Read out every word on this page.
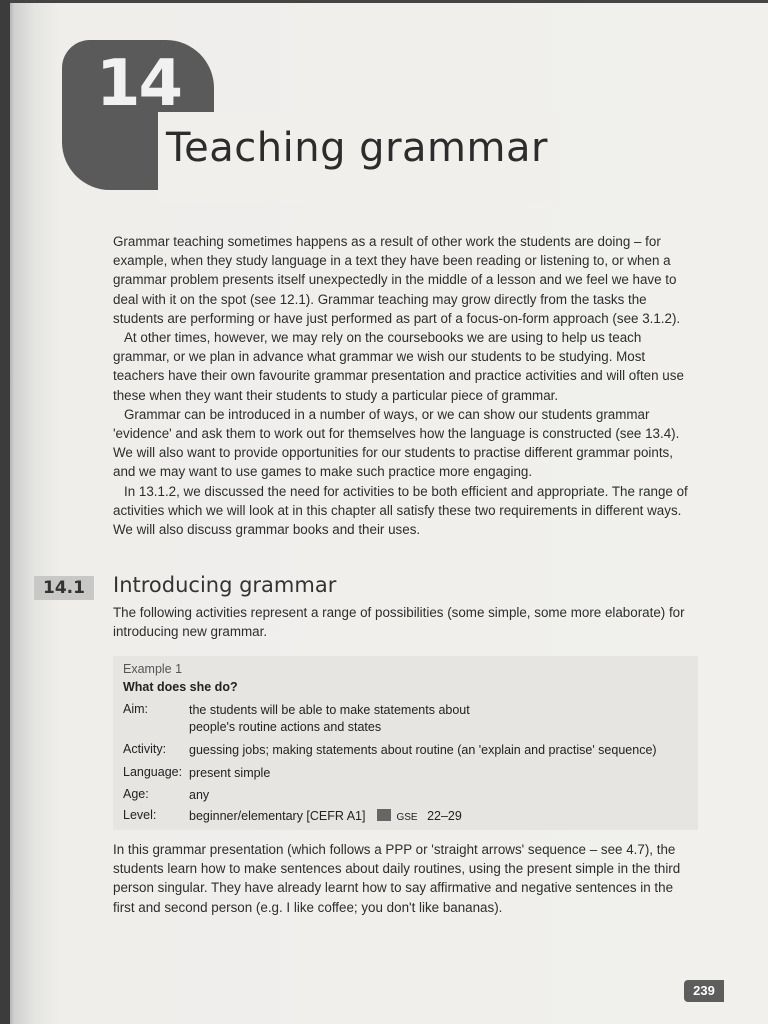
14
Teaching grammar

Grammar teaching sometimes happens as a result of other work the students are doing – for example, when they study language in a text they have been reading or listening to, or when a grammar problem presents itself unexpectedly in the middle of a lesson and we feel we have to deal with it on the spot (see 12.1). Grammar teaching may grow directly from the tasks the students are performing or have just performed as part of a focus-on-form approach (see 3.1.2).

At other times, however, we may rely on the coursebooks we are using to help us teach grammar, or we plan in advance what grammar we wish our students to be studying. Most teachers have their own favourite grammar presentation and practice activities and will often use these when they want their students to study a particular piece of grammar.

Grammar can be introduced in a number of ways, or we can show our students grammar 'evidence' and ask them to work out for themselves how the language is constructed (see 13.4). We will also want to provide opportunities for our students to practise different grammar points, and we may want to use games to make such practice more engaging.

In 13.1.2, we discussed the need for activities to be both efficient and appropriate. The range of activities which we will look at in this chapter all satisfy these two requirements in different ways. We will also discuss grammar books and their uses.

14.1	Introducing grammar
The following activities represent a range of possibilities (some simple, some more elaborate) for introducing new grammar.
Example 1
What does she do?
Aim:	the students will be able to make statements about people's routine actions and states
Activity:	guessing jobs; making statements about routine (an 'explain and practise' sequence)
Language: present simple
Age:	any
Level:	beginner/elementary [CEFR A1]	GSE 22–29
In this grammar presentation (which follows a PPP or 'straight arrows' sequence – see 4.7), the students learn how to make sentences about daily routines, using the present simple in the third person singular. They have already learnt how to say affirmative and negative sentences in the first and second person (e.g. I like coffee; you don't like bananas).
239
